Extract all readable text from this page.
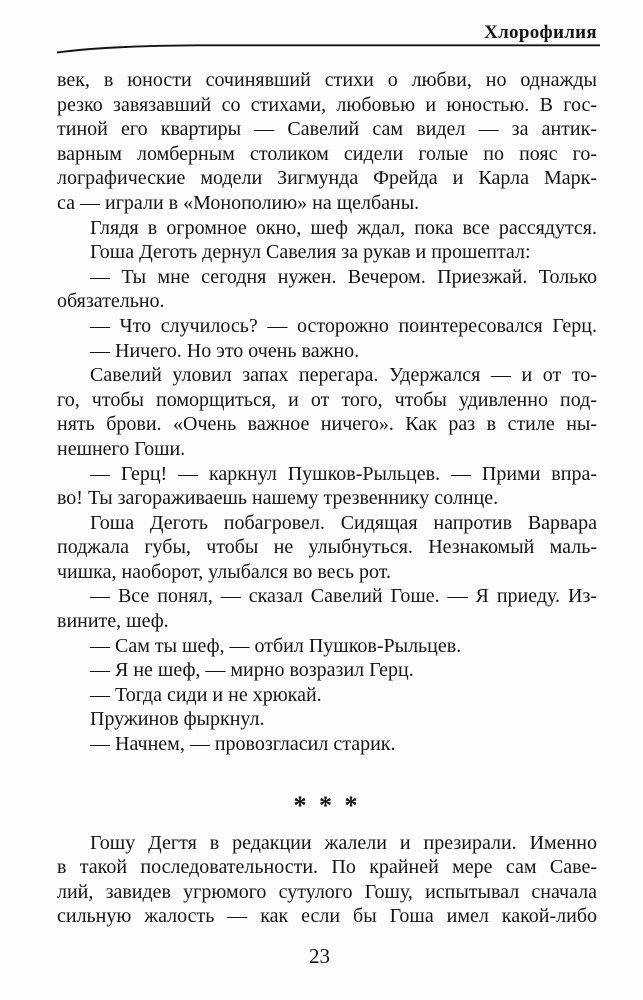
Хлорофилия
век, в юности сочинявший стихи о любви, но однажды
резко завязавший со стихами, любовью и юностью. В гос-
тиной его квартиры — Савелий сам видел — за антик-
варным ломберным столиком сидели голые по пояс го-
лографические модели Зигмунда Фрейда и Карла Марк-
са — играли в «Монополию» на щелбаны.
Глядя в огромное окно, шеф ждал, пока все рассядутся.
Гоша Деготь дернул Савелия за рукав и прошептал:
— Ты мне сегодня нужен. Вечером. Приезжай. Только
обязательно.
— Что случилось? — осторожно поинтересовался Герц.
— Ничего. Но это очень важно.
Савелий уловил запах перегара. Удержался — и от то-
го, чтобы поморщиться, и от того, чтобы удивленно под-
нять брови. «Очень важное ничего». Как раз в стиле ны-
нешнего Гоши.
— Герц! — каркнул Пушков-Рыльцев. — Прими впра-
во! Ты загораживаешь нашему трезвеннику солнце.
Гоша Деготь побагровел. Сидящая напротив Варвара
поджала губы, чтобы не улыбнуться. Незнакомый маль-
чишка, наоборот, улыбался во весь рот.
— Все понял, — сказал Савелий Гоше. — Я приеду. Из-
вините, шеф.
— Сам ты шеф, — отбил Пушков-Рыльцев.
— Я не шеф, — мирно возразил Герц.
— Тогда сиди и не хрюкай.
Пружинов фыркнул.
— Начнем, — провозгласил старик.
* * *
Гошу Дегтя в редакции жалели и презирали. Именно
в такой последовательности. По крайней мере сам Саве-
лий, завидев угрюмого сутулого Гошу, испытывал сначала
сильную жалость — как если бы Гоша имел какой-либо
23
